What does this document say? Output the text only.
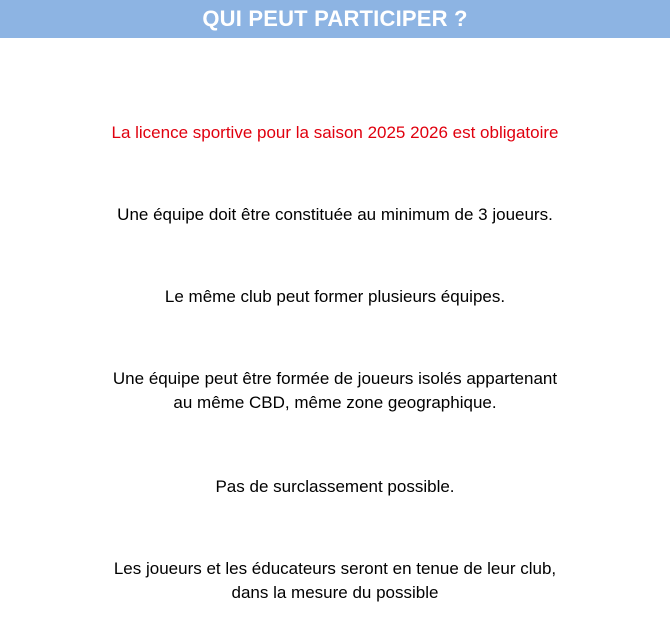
QUI PEUT PARTICIPER ?
La licence sportive pour la saison 2025 2026 est obligatoire
Une équipe doit être constituée au minimum de 3 joueurs.
Le même club peut former plusieurs équipes.
Une équipe peut être formée de joueurs isolés appartenant
au même CBD, même zone geographique.
Pas de surclassement possible.
Les joueurs et les éducateurs seront en tenue de leur club,
dans la mesure du possible
